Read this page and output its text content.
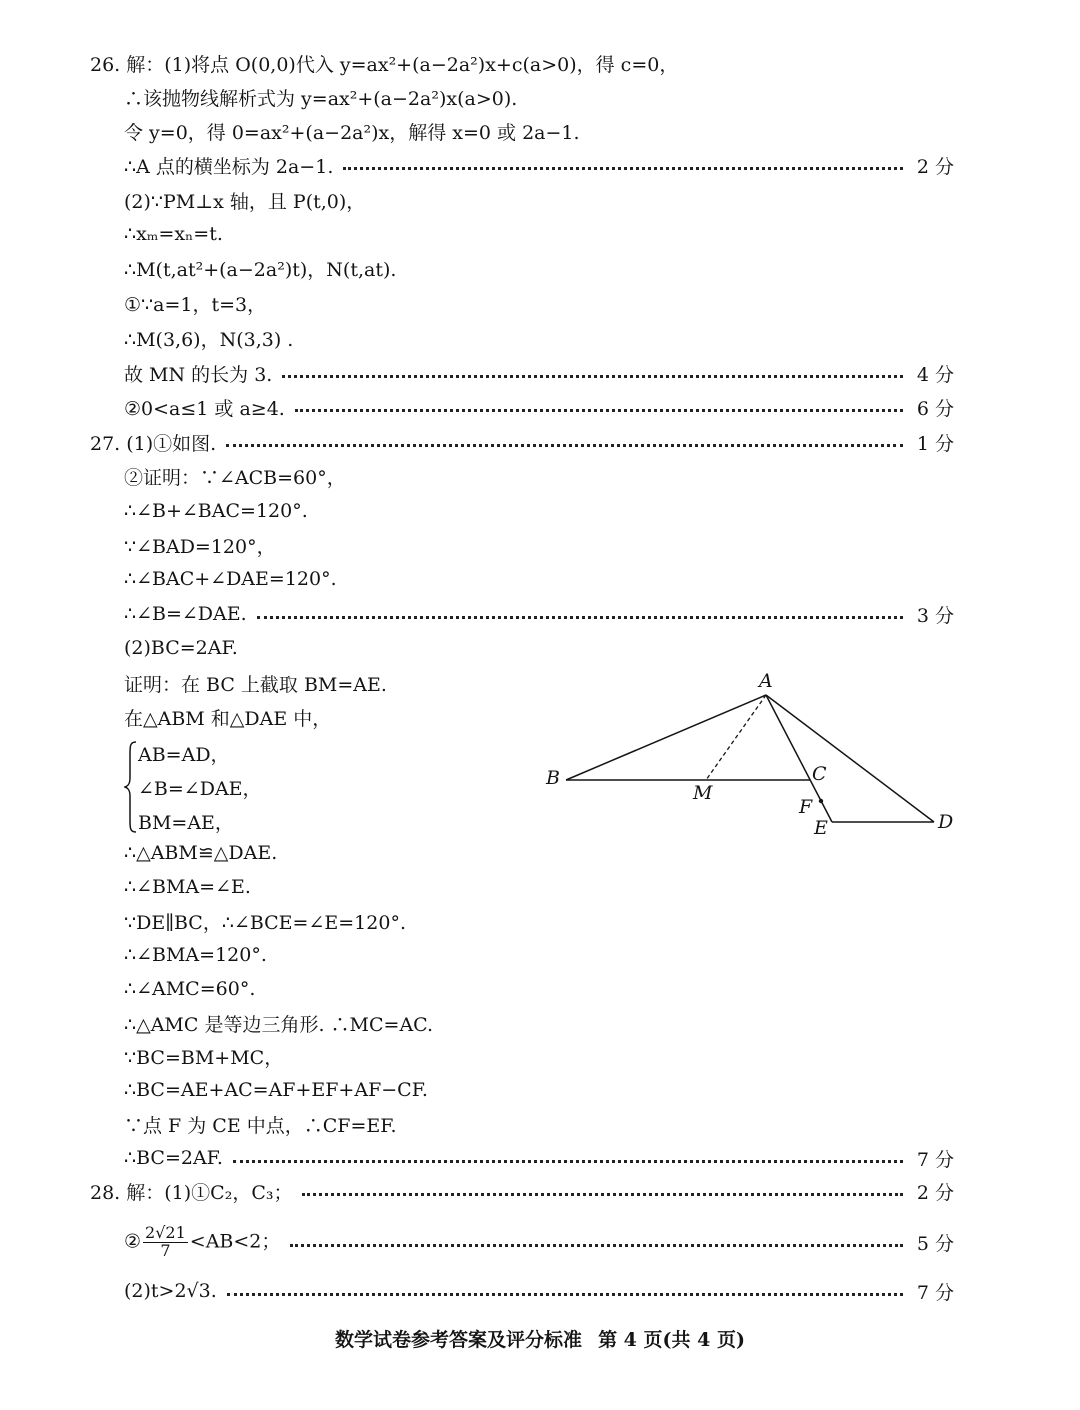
26. 解：(1)将点 O(0,0)代入 y=ax²+(a−2a²)x+c(a>0)，得 c=0，
∴该抛物线解析式为 y=ax²+(a−2a²)x(a>0).
令 y=0，得 0=ax²+(a−2a²)x，解得 x=0 或 2a−1.
∴A 点的横坐标为 2a−1.	2 分
(2)∵PM⊥x 轴，且 P(t,0)，
∴xₘ=xₙ=t.
∴M(t,at²+(a−2a²)t)，N(t,at).
①∵a=1，t=3，
∴M(3,6)，N(3,3) .
故 MN 的长为 3.	4 分
②0<a≤1 或 a≥4.	6 分
27. (1)①如图.	1 分
②证明：∵∠ACB=60°，
∴∠B+∠BAC=120°.
∵∠BAD=120°，
∴∠BAC+∠DAE=120°.
∴∠B=∠DAE.	3 分
(2)BC=2AF.
证明：在 BC 上截取 BM=AE.
在△ABM 和△DAE 中，
AB=AD，
∠B=∠DAE，
BM=AE，
∴△ABM≌△DAE.
∴∠BMA=∠E.
∵DE∥BC，∴∠BCE=∠E=120°.
∴∠BMA=120°.
∴∠AMC=60°.
∴△AMC 是等边三角形. ∴MC=AC.
∵BC=BM+MC，
∴BC=AE+AC=AF+EF+AF−CF.
∵点 F 为 CE 中点，∴CF=EF.
∴BC=2AF.	7 分
28. 解：(1)①C₂，C₃；	2 分
② $\frac{2√21}{7} <AB<2$；	5 分
(2)t>2√3.	7 分
A
B	C
D
E
F
M
数学试卷参考答案及评分标准 第 4 页(共 4 页)
